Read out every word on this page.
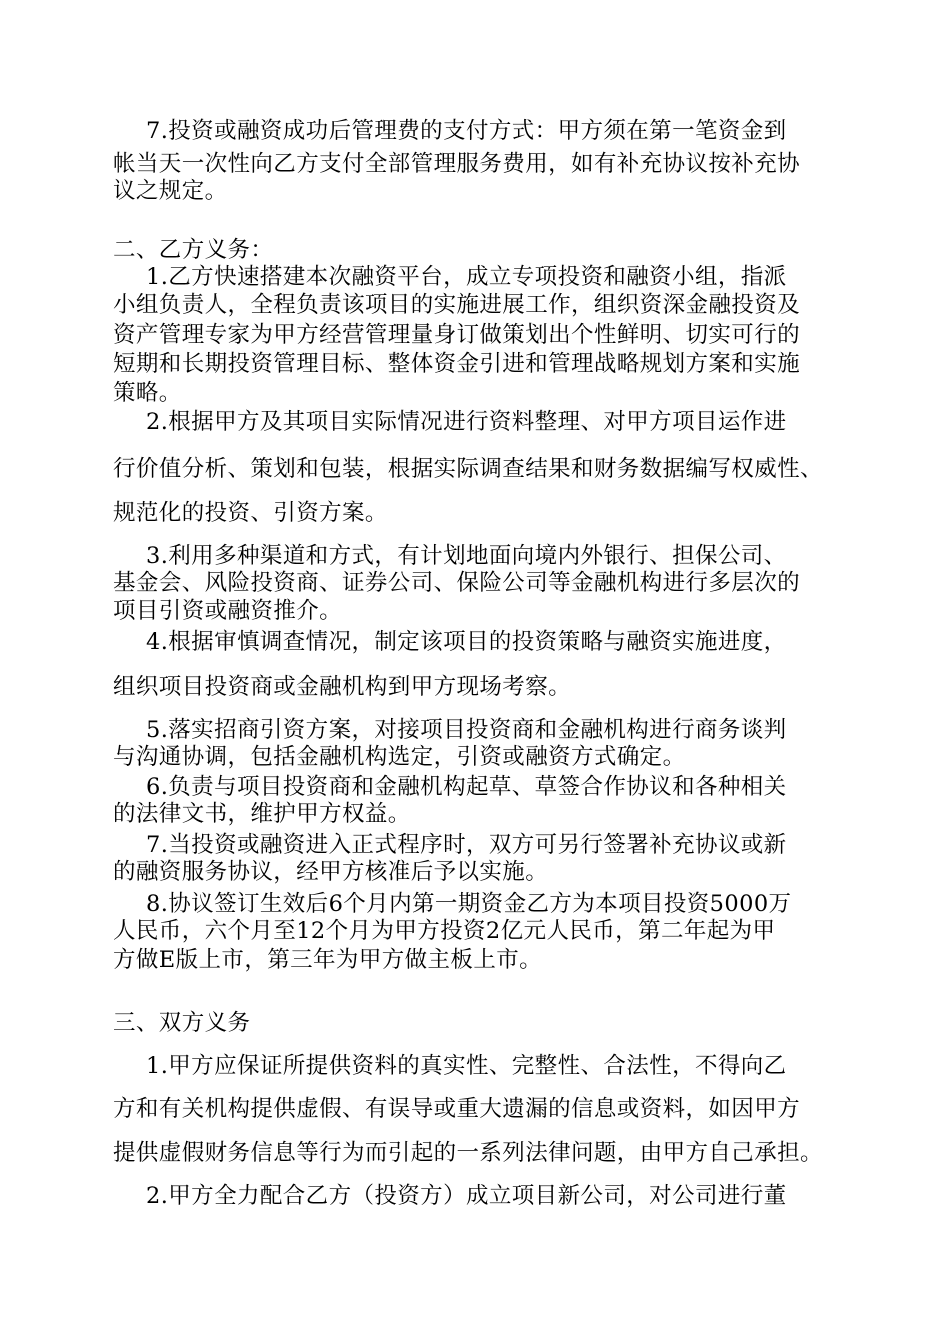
7.投资或融资成功后管理费的支付方式：甲方须在第一笔资金到
帐当天一次性向乙方支付全部管理服务费用，如有补充协议按补充协
议之规定。
二、乙方义务：
1.乙方快速搭建本次融资平台，成立专项投资和融资小组，指派
小组负责人，全程负责该项目的实施进展工作，组织资深金融投资及
资产管理专家为甲方经营管理量身订做策划出个性鲜明、切实可行的
短期和长期投资管理目标、整体资金引进和管理战略规划方案和实施
策略。
2.根据甲方及其项目实际情况进行资料整理、对甲方项目运作进
行价值分析、策划和包装，根据实际调查结果和财务数据编写权威性、
规范化的投资、引资方案。
3.利用多种渠道和方式，有计划地面向境内外银行、担保公司、
基金会、风险投资商、证券公司、保险公司等金融机构进行多层次的
项目引资或融资推介。
4.根据审慎调查情况，制定该项目的投资策略与融资实施进度，
组织项目投资商或金融机构到甲方现场考察。
5.落实招商引资方案，对接项目投资商和金融机构进行商务谈判
与沟通协调，包括金融机构选定，引资或融资方式确定。
6.负责与项目投资商和金融机构起草、草签合作协议和各种相关
的法律文书，维护甲方权益。
7.当投资或融资进入正式程序时，双方可另行签署补充协议或新
的融资服务协议，经甲方核准后予以实施。
8.协议签订生效后6个月内第一期资金乙方为本项目投资5000万
人民币，六个月至12个月为甲方投资2亿元人民币，第二年起为甲
方做E版上市，第三年为甲方做主板上市。
三、双方义务
1.甲方应保证所提供资料的真实性、完整性、合法性，不得向乙
方和有关机构提供虚假、有误导或重大遗漏的信息或资料，如因甲方
提供虚假财务信息等行为而引起的一系列法律问题，由甲方自己承担。
2.甲方全力配合乙方（投资方）成立项目新公司，对公司进行董
